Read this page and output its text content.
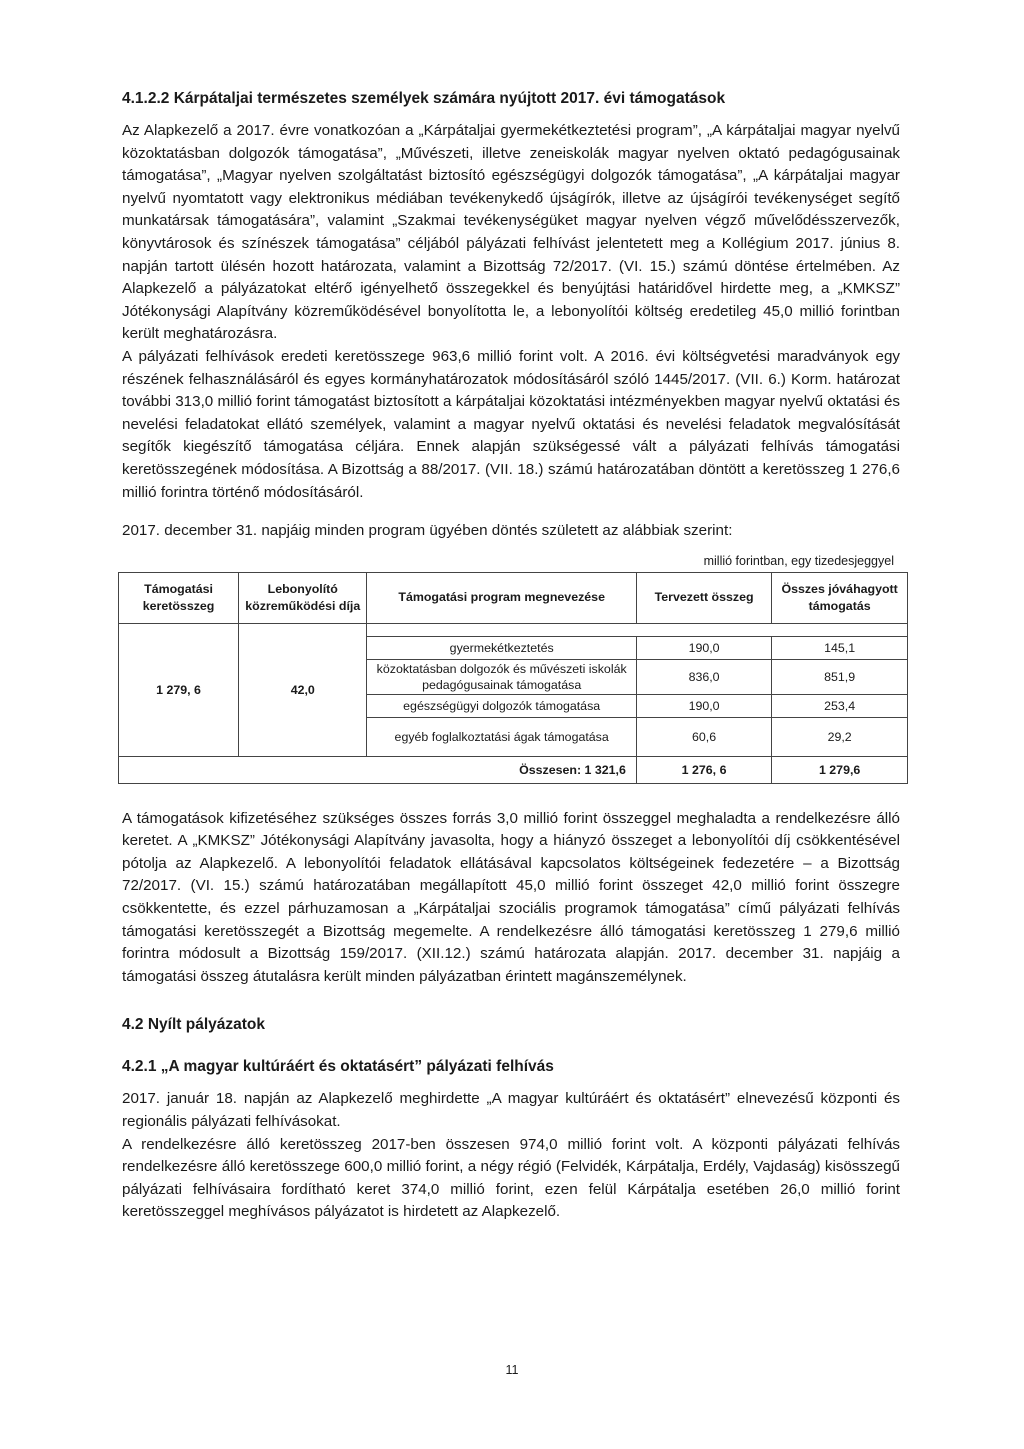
4.1.2.2 Kárpátaljai természetes személyek számára nyújtott 2017. évi támogatások

Az Alapkezelő a 2017. évre vonatkozóan a „Kárpátaljai gyermekétkeztetési program”, „A kárpátaljai magyar nyelvű közoktatásban dolgozók támogatása”, „Művészeti, illetve zeneiskolák magyar nyelven oktató pedagógusainak támogatása”, „Magyar nyelven szolgáltatást biztosító egészségügyi dolgozók támogatása”, „A kárpátaljai magyar nyelvű nyomtatott vagy elektronikus médiában tevékenykedő újságírók, illetve az újságírói tevékenységet segítő munkatársak támogatására”, valamint „Szakmai tevékenységüket magyar nyelven végző művelődésszervezők, könyvtárosok és színészek támogatása” céljából pályázati felhívást jelentetett meg a Kollégium 2017. június 8. napján tartott ülésén hozott határozata, valamint a Bizottság 72/2017. (VI. 15.) számú döntése értelmében. Az Alapkezelő a pályázatokat eltérő igényelhető összegekkel és benyújtási határidővel hirdette meg, a „KMKSZ” Jótékonysági Alapítvány közreműködésével bonyolította le, a lebonyolítói költség eredetileg 45,0 millió forintban került meghatározásra.

A pályázati felhívások eredeti keretösszege 963,6 millió forint volt. A 2016. évi költségvetési maradványok egy részének felhasználásáról és egyes kormányhatározatok módosításáról szóló 1445/2017. (VII. 6.) Korm. határozat további 313,0 millió forint támogatást biztosított a kárpátaljai közoktatási intézményekben magyar nyelvű oktatási és nevelési feladatokat ellátó személyek, valamint a magyar nyelvű oktatási és nevelési feladatok megvalósítását segítők kiegészítő támogatása céljára. Ennek alapján szükségessé vált a pályázati felhívás támogatási keretösszegének módosítása. A Bizottság a 88/2017. (VII. 18.) számú határozatában döntött a keretösszeg 1 276,6 millió forintra történő módosításáról.

2017. december 31. napjáig minden program ügyében döntés született az alábbiak szerint:

millió forintban, egy tizedesjeggyel
Támogatási keretösszeg	Lebonyolító közreműködési díja	Támogatási program megnevezése	Tervezett összeg	Összes jóváhagyott támogatás
1 279, 6	42,0			
		gyermekétkeztetés	190,0	145,1
		közoktatásban dolgozók és művészeti iskolák pedagógusainak támogatása	836,0	851,9
		egészségügyi dolgozók támogatása	190,0	253,4
		egyéb foglalkoztatási ágak támogatása	60,6	29,2
Összesen: 1 321,6			1 276, 6	1 279,6

A támogatások kifizetéséhez szükséges összes forrás 3,0 millió forint összeggel meghaladta a rendelkezésre álló keretet. A „KMKSZ” Jótékonysági Alapítvány javasolta, hogy a hiányzó összeget a lebonyolítói díj csökkentésével pótolja az Alapkezelő. A lebonyolítói feladatok ellátásával kapcsolatos költségeinek fedezetére – a Bizottság 72/2017. (VI. 15.) számú határozatában megállapított 45,0 millió forint összeget 42,0 millió forint összegre csökkentette, és ezzel párhuzamosan a „Kárpátaljai szociális programok támogatása” című pályázati felhívás támogatási keretösszegét a Bizottság megemelte. A rendelkezésre álló támogatási keretösszeg 1 279,6 millió forintra módosult a Bizottság 159/2017. (XII.12.) számú határozata alapján. 2017. december 31. napjáig a támogatási összeg átutalásra került minden pályázatban érintett magánszemélynek.

4.2 Nyílt pályázatok
4.2.1 „A magyar kultúráért és oktatásért” pályázati felhívás

2017. január 18. napján az Alapkezelő meghirdette „A magyar kultúráért és oktatásért” elnevezésű központi és regionális pályázati felhívásokat.

A rendelkezésre álló keretösszeg 2017-ben összesen 974,0 millió forint volt. A központi pályázati felhívás rendelkezésre álló keretösszege 600,0 millió forint, a négy régió (Felvidék, Kárpátalja, Erdély, Vajdaság) kisösszegű pályázati felhívásaira fordítható keret 374,0 millió forint, ezen felül Kárpátalja esetében 26,0 millió forint keretösszeggel meghívásos pályázatot is hirdetett az Alapkezelő.

11
